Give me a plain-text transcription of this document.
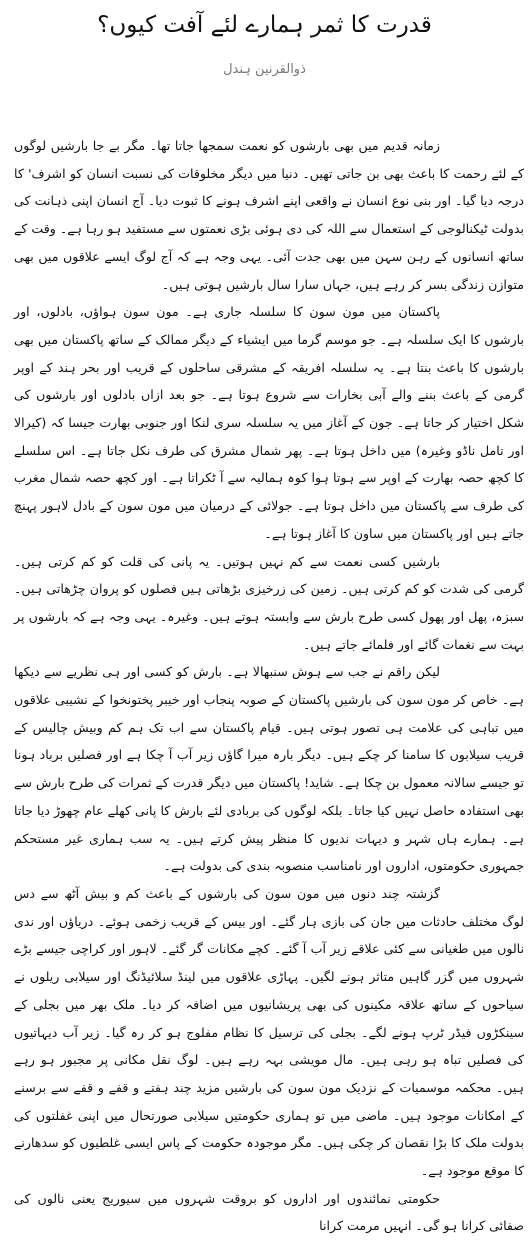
قدرت کا ثمر ہمارے لئے آفت کیوں؟
ذوالقرنین ہندل

زمانہ قدیم میں بھی بارشوں کو نعمت سمجھا جاتا تھا۔ مگر بے جا بارشیں لوگوں کے لئے رحمت کا باعث بھی بن جاتی تھیں۔ دنیا میں دیگر مخلوقات کی نسبت انسان کو اشرف' کا درجہ دیا گیا۔ اور بنی نوع انسان نے واقعی اپنے اشرف ہونے کا ثبوت دیا۔ آج انسان اپنی ذہانت کی بدولت ٹیکنالوجی کے استعمال سے اللہ کی دی ہوئی بڑی نعمتوں سے مستفید ہو رہا ہے۔ وقت کے ساتھ انسانوں کے رہن سہن میں بھی جدت آئی۔ یہی وجہ ہے کہ آج لوگ ایسے علاقوں میں بھی متوازن زندگی بسر کر رہے ہیں، جہاں سارا سال بارشیں ہوتی ہیں۔

پاکستان میں مون سون کا سلسلہ جاری ہے۔ مون سون ہواؤں، بادلوں، اور بارشوں کا ایک سلسلہ ہے۔ جو موسم گرما میں ایشیاء کے دیگر ممالک کے ساتھ پاکستان میں بھی بارشوں کا باعث بنتا ہے۔ یہ سلسلہ افریقہ کے مشرقی ساحلوں کے قریب اور بحر ہند کے اوپر گرمی کے باعث بننے والے آبی بخارات سے شروع ہوتا ہے۔ جو بعد ازاں بادلوں اور بارشوں کی شکل اختیار کر جاتا ہے۔ جون کے آغاز میں یہ سلسلہ سری لنکا اور جنوبی بھارت جیسا کہ (کیرالا اور تامل ناڈو وغیرہ) میں داخل ہوتا ہے۔ پھر شمال مشرق کی طرف نکل جاتا ہے۔ اس سلسلے کا کچھ حصہ بھارت کے اوپر سے ہوتا ہوا کوہ ہمالیہ سے آ ٹکراتا ہے۔ اور کچھ حصہ شمال مغرب کی طرف سے پاکستان میں داخل ہوتا ہے۔ جولائی کے درمیان میں مون سون کے بادل لاہور پہنچ جاتے ہیں اور پاکستان میں ساون کا آغاز ہوتا ہے۔

بارشیں کسی نعمت سے کم نہیں ہوتیں۔ یہ پانی کی قلت کو کم کرتی ہیں۔ گرمی کی شدت کو کم کرتی ہیں۔ زمین کی زرخیزی بڑھاتی ہیں فصلوں کو پروان چڑھاتی ہیں۔ سبزہ، پھل اور پھول کسی طرح بارش سے وابستہ ہوتے ہیں۔ وغیرہ۔ یہی وجہ ہے کہ بارشوں پر بہت سے نغمات گائے اور فلمائے جاتے ہیں۔

لیکن راقم نے جب سے ہوش سنبھالا ہے۔ بارش کو کسی اور ہی نظریے سے دیکھا ہے۔ خاص کر مون سون کی بارشیں پاکستان کے صوبہ پنجاب اور خیبر پختونخوا کے نشیبی علاقوں میں تباہی کی علامت ہی تصور ہوتی ہیں۔ قیام پاکستان سے اب تک ہم کم وبیش چالیس کے قریب سیلابوں کا سامنا کر چکے ہیں۔ دیگر بارہ میرا گاؤں زیر آب آ چکا ہے اور فصلیں برباد ہونا تو جیسے سالانہ معمول بن چکا ہے۔ شاید! پاکستان میں دیگر قدرت کے ثمرات کی طرح بارش سے بھی استفادہ حاصل نہیں کیا جاتا۔ بلکہ لوگوں کی بربادی لئے بارش کا پانی کھلے عام چھوڑ دیا جاتا ہے۔ ہمارے ہاں شہر و دیہات ندیوں کا منظر پیش کرتے ہیں۔ یہ سب ہماری غیر مستحکم جمہوری حکومتوں، اداروں اور نامناسب منصوبہ بندی کی بدولت ہے۔

گزشتہ چند دنوں میں مون سون کی بارشوں کے باعث کم و بیش آٹھ سے دس لوگ مختلف حادثات میں جان کی بازی ہار گئے۔ اور بیس کے قریب زخمی ہوئے۔ دریاؤں اور ندی نالوں میں طغیانی سے کئی علاقے زیر آب آ گئے۔ کچے مکانات گر گئے۔ لاہور اور کراچی جیسے بڑے شہروں میں گزر گاہیں متاثر ہونے لگیں۔ پہاڑی علاقوں میں لینڈ سلائیڈنگ اور سیلابی ریلوں نے سیاحوں کے ساتھ علاقہ مکینوں کی بھی پریشانیوں میں اضافہ کر دیا۔ ملک بھر میں بجلی کے سینکڑوں فیڈر ٹرپ ہونے لگے۔ بجلی کی ترسیل کا نظام مفلوج ہو کر رہ گیا۔ زیر آب دیہاتیوں کی فصلیں تباہ ہو رہی ہیں۔ مال مویشی بہہ رہے ہیں۔ لوگ نقل مکانی پر مجبور ہو رہے ہیں۔ محکمہ موسمیات کے نزدیک مون سون کی بارشیں مزید چند ہفتے و قفے و قفے سے برسنے کے امکانات موجود ہیں۔ ماضی میں تو ہماری حکومتیں سیلابی صورتحال میں اپنی غفلتوں کی بدولت ملک کا بڑا نقصان کر چکی ہیں۔ مگر موجودہ حکومت کے پاس ایسی غلطیوں کو سدھارنے کا موقع موجود ہے۔

حکومتی نمائندوں اور اداروں کو بروقت شہروں میں سیوریج یعنی نالوں کی صفائی کرانا ہو گی۔ انہیں مرمت کرانا
